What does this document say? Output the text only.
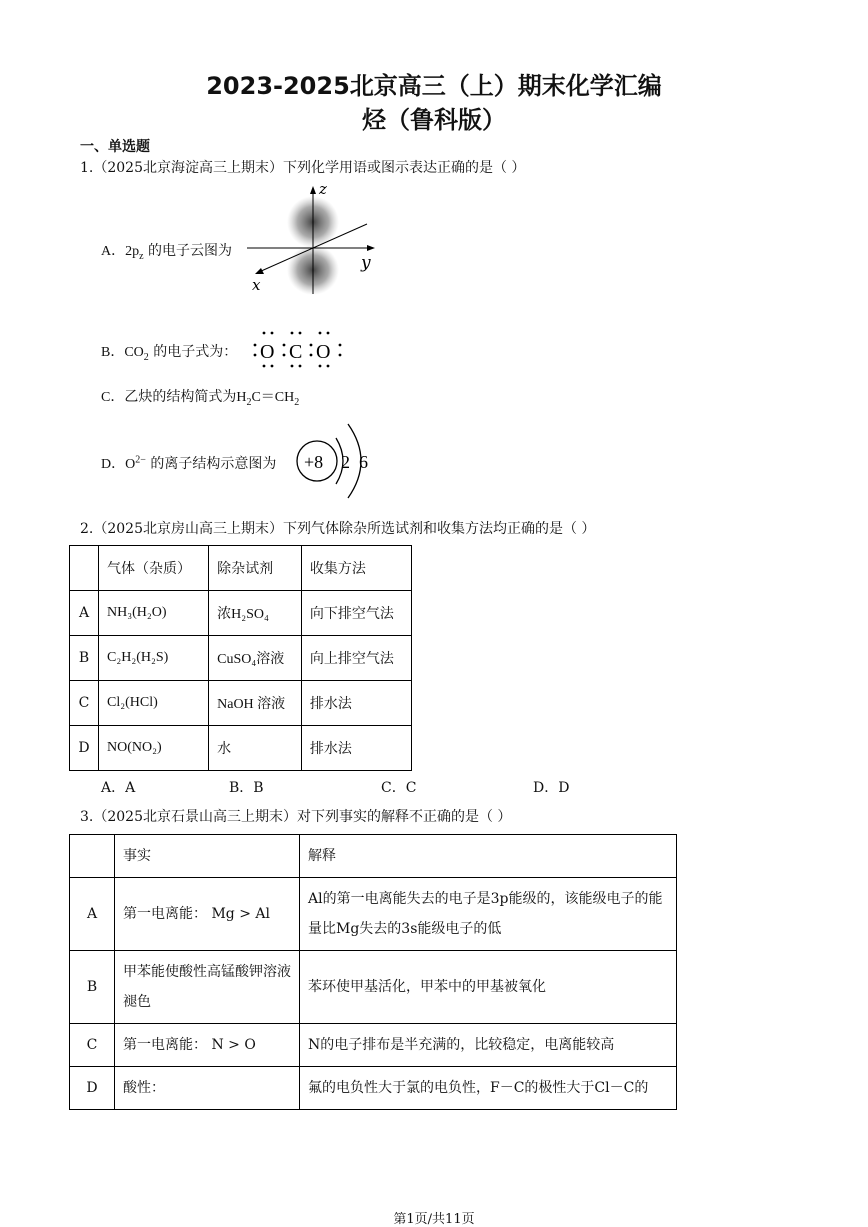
2023-2025北京高三（上）期末化学汇编
烃（鲁科版）
一、单选题
1.（2025北京海淀高三上期末）下列化学用语或图示表达正确的是（ ）
A．$2p_z$ 的电子云图为
z
y
x
B．$CO_2$ 的电子式为： O C O
C．乙炔的结构简式为$H_2C=CH_2$
D．$O^{2-}$ 的离子结构示意图为 +8 2 6
2.（2025北京房山高三上期末）下列气体除杂所选试剂和收集方法均正确的是（ ）
	气体（杂质）	除杂试剂	收集方法
A	NH₃(H₂O)	浓H₂SO₄	向下排空气法
B	C₂H₂(H₂S)	CuSO₄溶液	向上排空气法
C	Cl₂(HCl)	NaOH 溶液	排水法
D	NO(NO₂)	水	排水法
A．A	B．B	C．C	D．D
3.（2025北京石景山高三上期末）对下列事实的解释不正确的是（ ）
	事实	解释
A	第一电离能： Mg > Al	Al的第一电离能失去的电子是3p能级的，该能级电子的能量比Mg失去的3s能级电子的低
B	甲苯能使酸性高锰酸钾溶液褪色	苯环使甲基活化，甲苯中的甲基被氧化
C	第一电离能： N > O	N的电子排布是半充满的，比较稳定，电离能较高
D	酸性：	氟的电负性大于氯的电负性，F－C的极性大于Cl－C的
第1页/共11页
